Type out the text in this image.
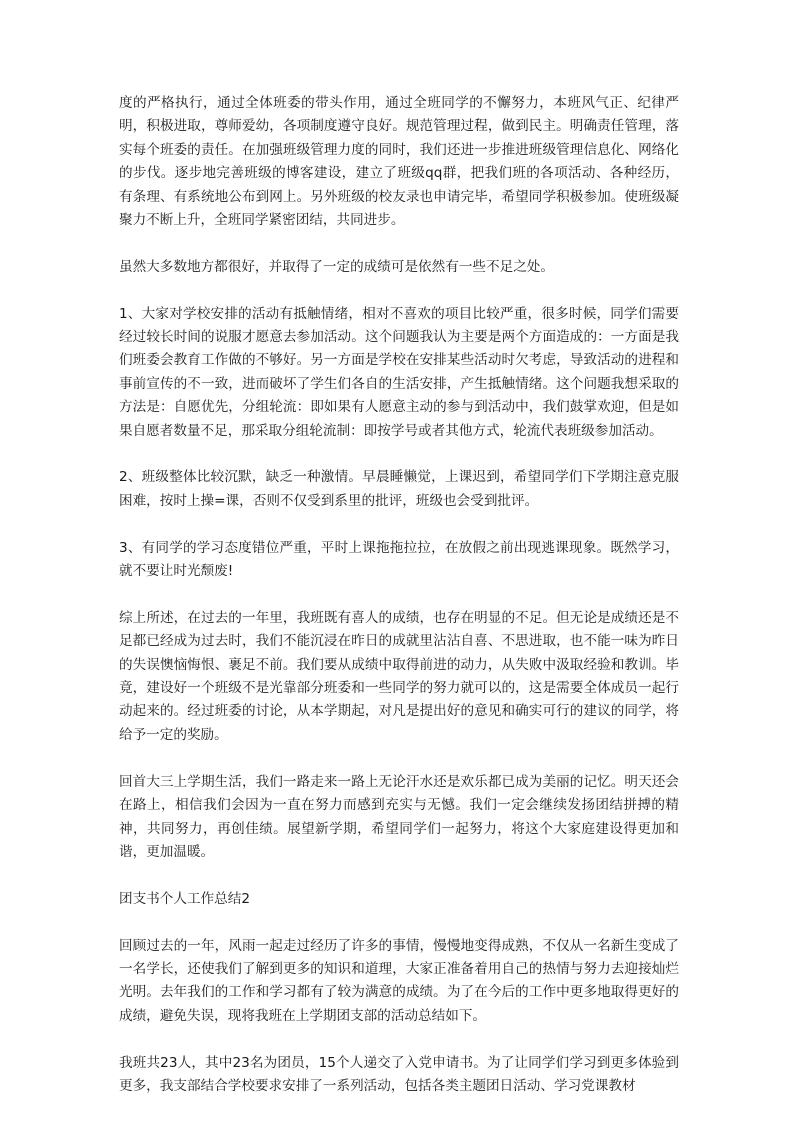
度的严格执行，通过全体班委的带头作用，通过全班同学的不懈努力，本班风气正、纪律严明，积极进取，尊师爱幼，各项制度遵守良好。规范管理过程，做到民主。明确责任管理，落实每个班委的责任。在加强班级管理力度的同时，我们还进一步推进班级管理信息化、网络化的步伐。逐步地完善班级的博客建设，建立了班级qq群，把我们班的各项活动、各种经历，有条理、有系统地公布到网上。另外班级的校友录也申请完毕，希望同学积极参加。使班级凝聚力不断上升，全班同学紧密团结，共同进步。

虽然大多数地方都很好，并取得了一定的成绩可是依然有一些不足之处。

1、大家对学校安排的活动有抵触情绪，相对不喜欢的项目比较严重，很多时候，同学们需要经过较长时间的说服才愿意去参加活动。这个问题我认为主要是两个方面造成的：一方面是我们班委会教育工作做的不够好。另一方面是学校在安排某些活动时欠考虑，导致活动的进程和事前宣传的不一致，进而破坏了学生们各自的生活安排，产生抵触情绪。这个问题我想采取的方法是：自愿优先，分组轮流：即如果有人愿意主动的参与到活动中，我们鼓掌欢迎，但是如果自愿者数量不足，那采取分组轮流制：即按学号或者其他方式，轮流代表班级参加活动。

2、班级整体比较沉默，缺乏一种激情。早晨睡懒觉，上课迟到，希望同学们下学期注意克服困难，按时上操=课，否则不仅受到系里的批评，班级也会受到批评。

3、有同学的学习态度错位严重，平时上课拖拖拉拉，在放假之前出现逃课现象。既然学习，就不要让时光颓废!

综上所述，在过去的一年里，我班既有喜人的成绩，也存在明显的不足。但无论是成绩还是不足都已经成为过去时，我们不能沉浸在昨日的成就里沾沾自喜、不思进取，也不能一味为昨日的失误懊恼悔恨、裹足不前。我们要从成绩中取得前进的动力，从失败中汲取经验和教训。毕竟，建设好一个班级不是光靠部分班委和一些同学的努力就可以的，这是需要全体成员一起行动起来的。经过班委的讨论，从本学期起，对凡是提出好的意见和确实可行的建议的同学，将给予一定的奖励。

回首大三上学期生活，我们一路走来一路上无论汗水还是欢乐都已成为美丽的记忆。明天还会在路上，相信我们会因为一直在努力而感到充实与无憾。我们一定会继续发扬团结拼搏的精神，共同努力，再创佳绩。展望新学期，希望同学们一起努力，将这个大家庭建设得更加和谐，更加温暖。

团支书个人工作总结2

回顾过去的一年，风雨一起走过经历了许多的事情，慢慢地变得成熟，不仅从一名新生变成了一名学长，还使我们了解到更多的知识和道理，大家正准备着用自己的热情与努力去迎接灿烂光明。去年我们的工作和学习都有了较为满意的成绩。为了在今后的工作中更多地取得更好的成绩，避免失误，现将我班在上学期团支部的活动总结如下。

我班共23人，其中23名为团员，15个人递交了入党申请书。为了让同学们学习到更多体验到更多，我支部结合学校要求安排了一系列活动，包括各类主题团日活动、学习党课教材
